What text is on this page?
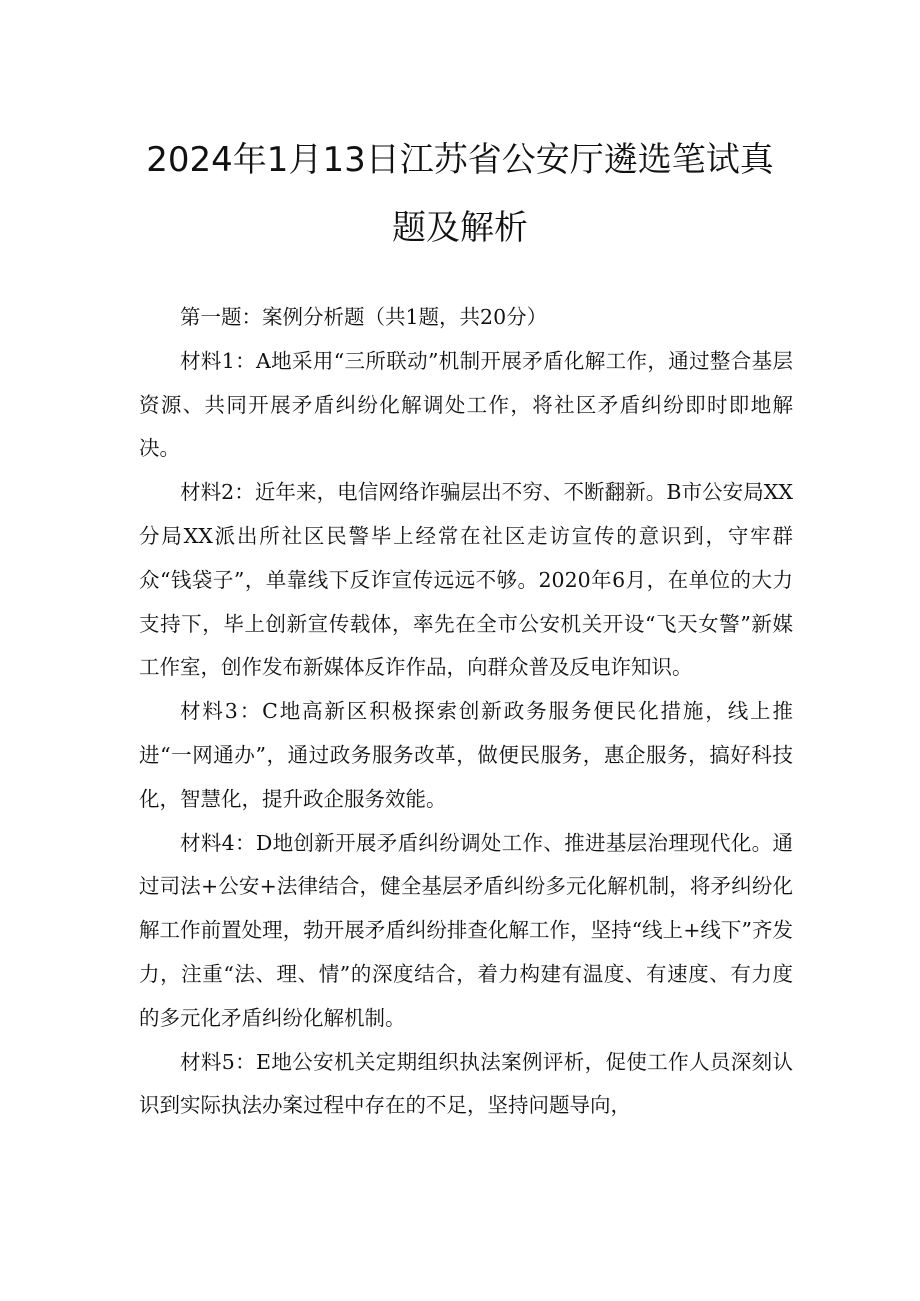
2024年1月13日江苏省公安厅遴选笔试真
题及解析

第一题：案例分析题（共1题，共20分）

材料1：A地采用“三所联动”机制开展矛盾化解工作，通过整合基层资源、共同开展矛盾纠纷化解调处工作，将社区矛盾纠纷即时即地解决。

材料2：近年来，电信网络诈骗层出不穷、不断翻新。B市公安局XX分局XX派出所社区民警毕上经常在社区走访宣传的意识到，守牢群众“钱袋子”，单靠线下反诈宣传远远不够。2020年6月，在单位的大力支持下，毕上创新宣传载体，率先在全市公安机关开设“飞天女警”新媒工作室，创作发布新媒体反诈作品，向群众普及反电诈知识。

材料3：C地高新区积极探索创新政务服务便民化措施，线上推进“一网通办”，通过政务服务改革，做便民服务，惠企服务，搞好科技化，智慧化，提升政企服务效能。

材料4：D地创新开展矛盾纠纷调处工作、推进基层治理现代化。通过司法+公安+法律结合，健全基层矛盾纠纷多元化解机制，将矛纠纷化解工作前置处理，勃开展矛盾纠纷排查化解工作，坚持“线上+线下”齐发力，注重“法、理、情”的深度结合，着力构建有温度、有速度、有力度的多元化矛盾纠纷化解机制。

材料5：E地公安机关定期组织执法案例评析，促使工作人员深刻认识到实际执法办案过程中存在的不足，坚持问题导向，
